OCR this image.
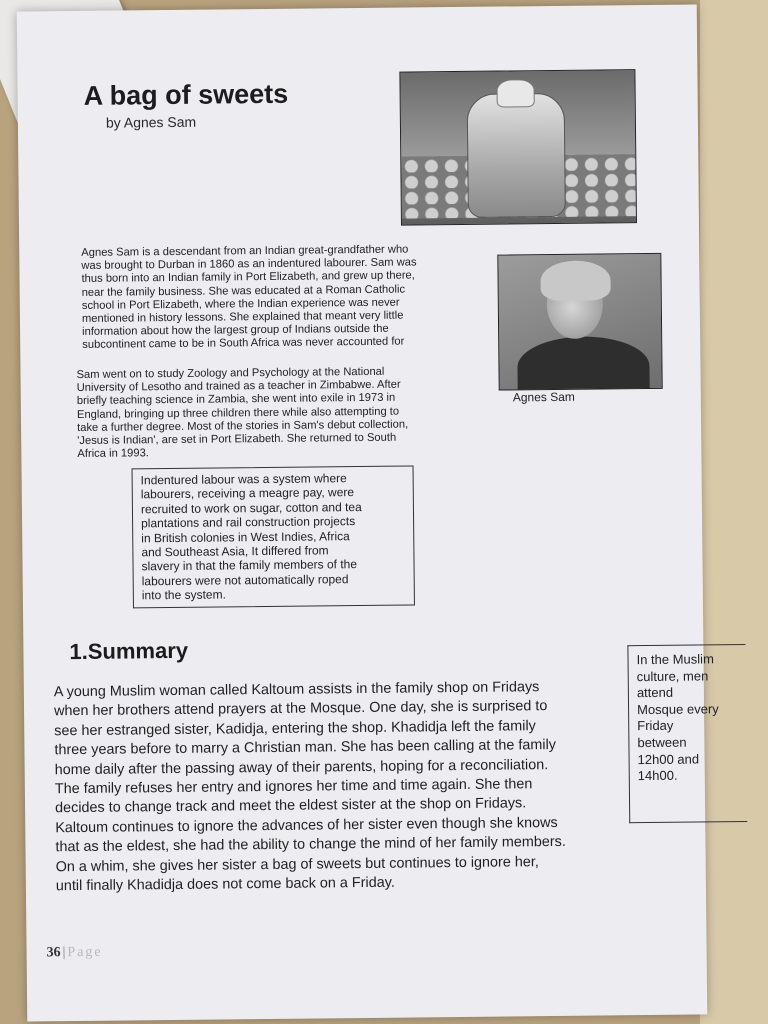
A bag of sweets
by Agnes Sam
Agnes Sam

Agnes Sam is a descendant from an Indian great-grandfather who
was brought to Durban in 1860 as an indentured labourer. Sam was
thus born into an Indian family in Port Elizabeth, and grew up there,
near the family business. She was educated at a Roman Catholic
school in Port Elizabeth, where the Indian experience was never
mentioned in history lessons. She explained that meant very little
information about how the largest group of Indians outside the
subcontinent came to be in South Africa was never accounted for

Sam went on to study Zoology and Psychology at the National
University of Lesotho and trained as a teacher in Zimbabwe. After
briefly teaching science in Zambia, she went into exile in 1973 in
England, bringing up three children there while also attempting to
take a further degree. Most of the stories in Sam's debut collection,
'Jesus is Indian', are set in Port Elizabeth. She returned to South
Africa in 1993.

Indentured labour was a system where
labourers, receiving a meagre pay, were
recruited to work on sugar, cotton and tea
plantations and rail construction projects
in British colonies in West Indies, Africa
and Southeast Asia, It differed from
slavery in that the family members of the
labourers were not automatically roped
into the system.
1.Summary

A young Muslim woman called Kaltoum assists in the family shop on Fridays
when her brothers attend prayers at the Mosque. One day, she is surprised to
see her estranged sister, Kadidja, entering the shop. Khadidja left the family
three years before to marry a Christian man. She has been calling at the family
home daily after the passing away of their parents, hoping for a reconciliation.
The family refuses her entry and ignores her time and time again. She then
decides to change track and meet the eldest sister at the shop on Fridays.
Kaltoum continues to ignore the advances of her sister even though she knows
that as the eldest, she had the ability to change the mind of her family members.
On a whim, she gives her sister a bag of sweets but continues to ignore her,
until finally Khadidja does not come back on a Friday.

In the Muslim
culture, men
attend
Mosque every
Friday
between
12h00 and
14h00.
36 | Page
